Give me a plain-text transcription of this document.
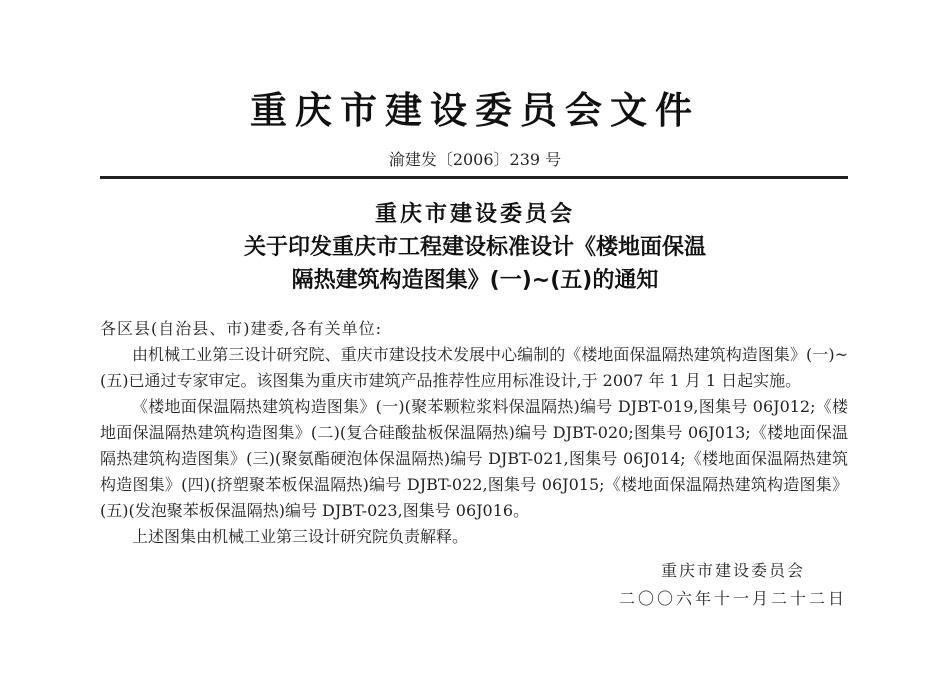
重庆市建设委员会文件
渝建发〔2006〕239 号
重庆市建设委员会
关于印发重庆市工程建设标准设计《楼地面保温
隔热建筑构造图集》(一)~(五)的通知

各区县(自治县、市)建委,各有关单位:

由机械工业第三设计研究院、重庆市建设技术发展中心编制的《楼地面保温隔热建筑构造图集》(一)~(五)已通过专家审定。该图集为重庆市建筑产品推荐性应用标准设计,于 2007 年 1 月 1 日起实施。

《楼地面保温隔热建筑构造图集》(一)(聚苯颗粒浆料保温隔热)编号 DJBT-019,图集号 06J012;《楼地面保温隔热建筑构造图集》(二)(复合硅酸盐板保温隔热)编号 DJBT-020;图集号 06J013;《楼地面保温隔热建筑构造图集》(三)(聚氨酯硬泡体保温隔热)编号 DJBT-021,图集号 06J014;《楼地面保温隔热建筑构造图集》(四)(挤塑聚苯板保温隔热)编号 DJBT-022,图集号 06J015;《楼地面保温隔热建筑构造图集》(五)(发泡聚苯板保温隔热)编号 DJBT-023,图集号 06J016。

上述图集由机械工业第三设计研究院负责解释。

重庆市建设委员会
二〇〇六年十一月二十二日
